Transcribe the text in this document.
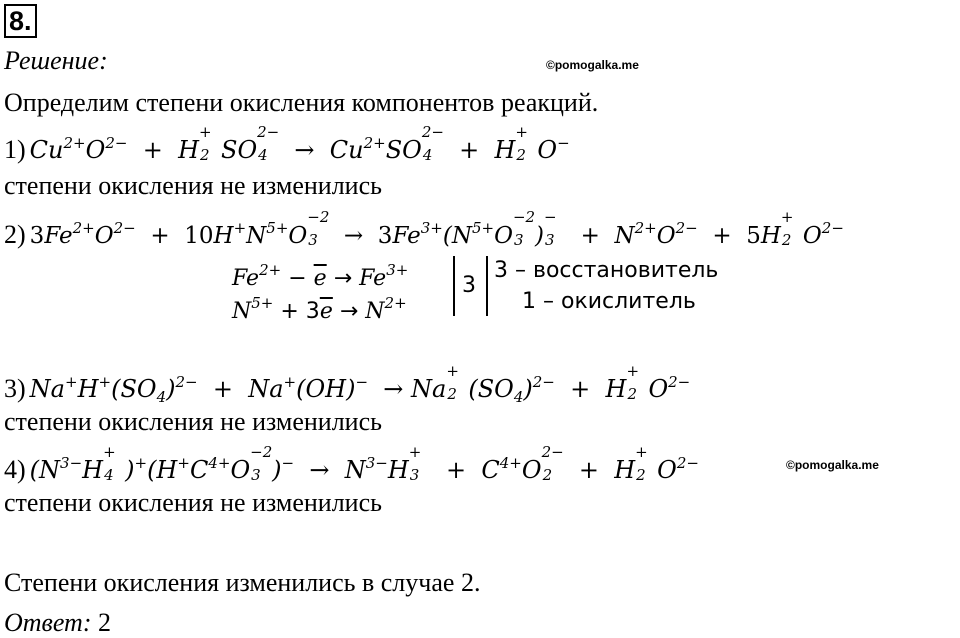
8.
Решение:	©pomogalka.me
Определим степени окисления компонентов реакций.
1) $Cu^{2+}O^{2-} + H$
+
2 SO
2−
$4 \to Cu^{2+}SO$
2−
4 +  H
+
2 O−
степени окисления не изменились
2) $3Fe^{2+}O^{2-} + 10H^+N^{5+}O$
−2
$3 \to 3Fe^{3+}(N^{5+}O$
−2
3 )
−
$3 + N^{2+}O^{2-} + 5H$
+
2 $O^{2-}$
$Fe^{2+} - \overline{e} \to Fe^{3+}$
$N^{5+} + 3\overline{e} \to N^{2+}$
3
3 – восстановитель
1 – окислитель
3) $Na^+H^+(SO_4)^{2-} + Na^+(OH)^- \to Na$
+
2 $(SO_4)^{2-} + H$
+
2 $O^{2-}$
степени окисления не изменились
4) ($N^{3-}H$
+
4 )$^+(H^+C^{4+}O$
−2
3 )$^- \to N^{3-}H$
+
$3 + C^{4+}O$
2−
2 +  H
+
2 $O^{2-}$	©pomogalka.me
степени окисления не изменились
Степени окисления изменились в случае 2.
Ответ: 2
